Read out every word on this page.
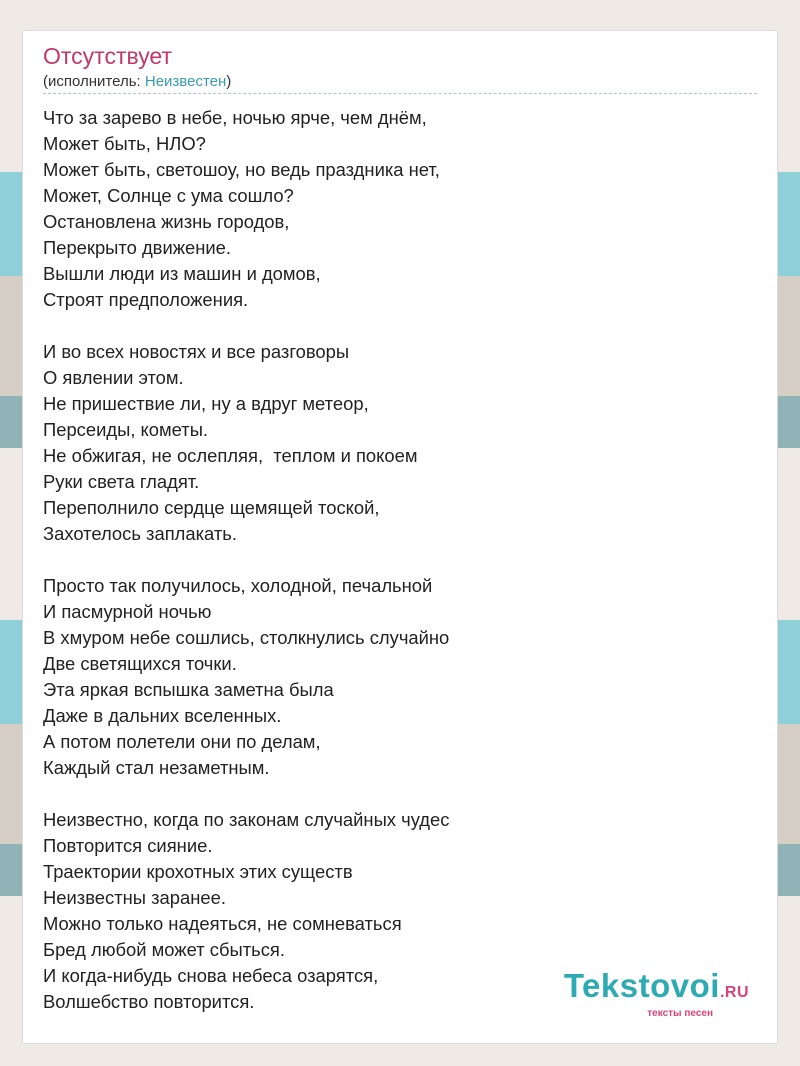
Отсутствует
(исполнитель: Неизвестен)
Что за зарево в небе, ночью ярче, чем днём,
Может быть, НЛО?
Может быть, светошоу, но ведь праздника нет,
Может, Солнце с ума сошло?
Остановлена жизнь городов,
Перекрыто движение.
Вышли люди из машин и домов,
Строят предположения.
И во всех новостях и все разговоры
О явлении этом.
Не пришествие ли, ну а вдруг метеор,
Персеиды, кометы.
Не обжигая, не ослепляя,  теплом и покоем
Руки света гладят.
Переполнило сердце щемящей тоской,
Захотелось заплакать.
Просто так получилось, холодной, печальной
И пасмурной ночью
В хмуром небе сошлись, столкнулись случайно
Две светящихся точки.
Эта яркая вспышка заметна была
Даже в дальних вселенных.
А потом полетели они по делам,
Каждый стал незаметным.
Неизвестно, когда по законам случайных чудес
Повторится сияние.
Траектории крохотных этих существ
Неизвестны заранее.
Можно только надеяться, не сомневаться
Бред любой может сбыться.
И когда-нибудь снова небеса озарятся,
Волшебство повторится.	Tekstovoi.RU
тексты песен
